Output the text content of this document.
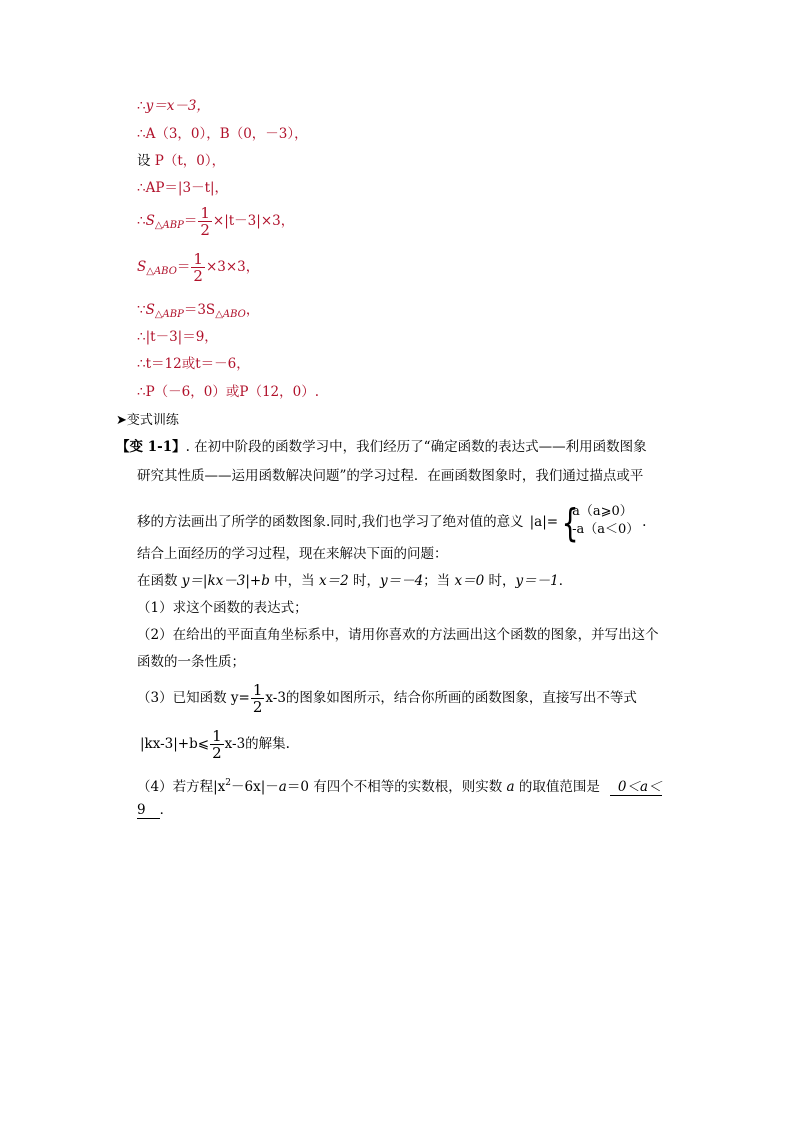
∴y＝x－3，
∴A（3，0），B（0，－3），
设 P（t，0），
∴AP＝|3－t|，
$\therefore S_{\triangle ABP}= \frac{1}{2} \times|t-3|\times 3$，
$S_{\triangle ABO}= \frac{1}{2} \times 3\times 3$，
$\because S_{\triangle ABP}=3S_{\triangle ABO}$，
∴|t－3|＝9，
∴t＝12或t＝－6，
∴P（－6，0）或P（12，0）.
➤变式训练
【变 1-1】. 在初中阶段的函数学习中，我们经历了“确定函数的表达式——利用函数图象
研究其性质——运用函数解决问题”的学习过程．在画函数图象时，我们通过描点或平
移的方法画出了所学的函数图象.同时,我们也学习了绝对值的意义 |a|= {
a（a⩾0）
-a（a＜0） .
结合上面经历的学习过程，现在来解决下面的问题：
在函数 y＝|kx－3|+b 中，当 x＝2 时，y＝－4；当 x＝0 时，y＝－1．
（1）求这个函数的表达式；
（2）在给出的平面直角坐标系中，请用你喜欢的方法画出这个函数的图象，并写出这个
函数的一条性质；
（3）已知函数 $y= \frac{1}{2} x-3$的图象如图所示，结合你所画的函数图象，直接写出不等式
|kx-3|+b⩽ $\frac{1}{2} x-3$的解集.
（4）若方程$|x^2-6x|-a=0$ 有四个不相等的实数根，则实数 a 的取值范围是 0＜a＜
9 ．
